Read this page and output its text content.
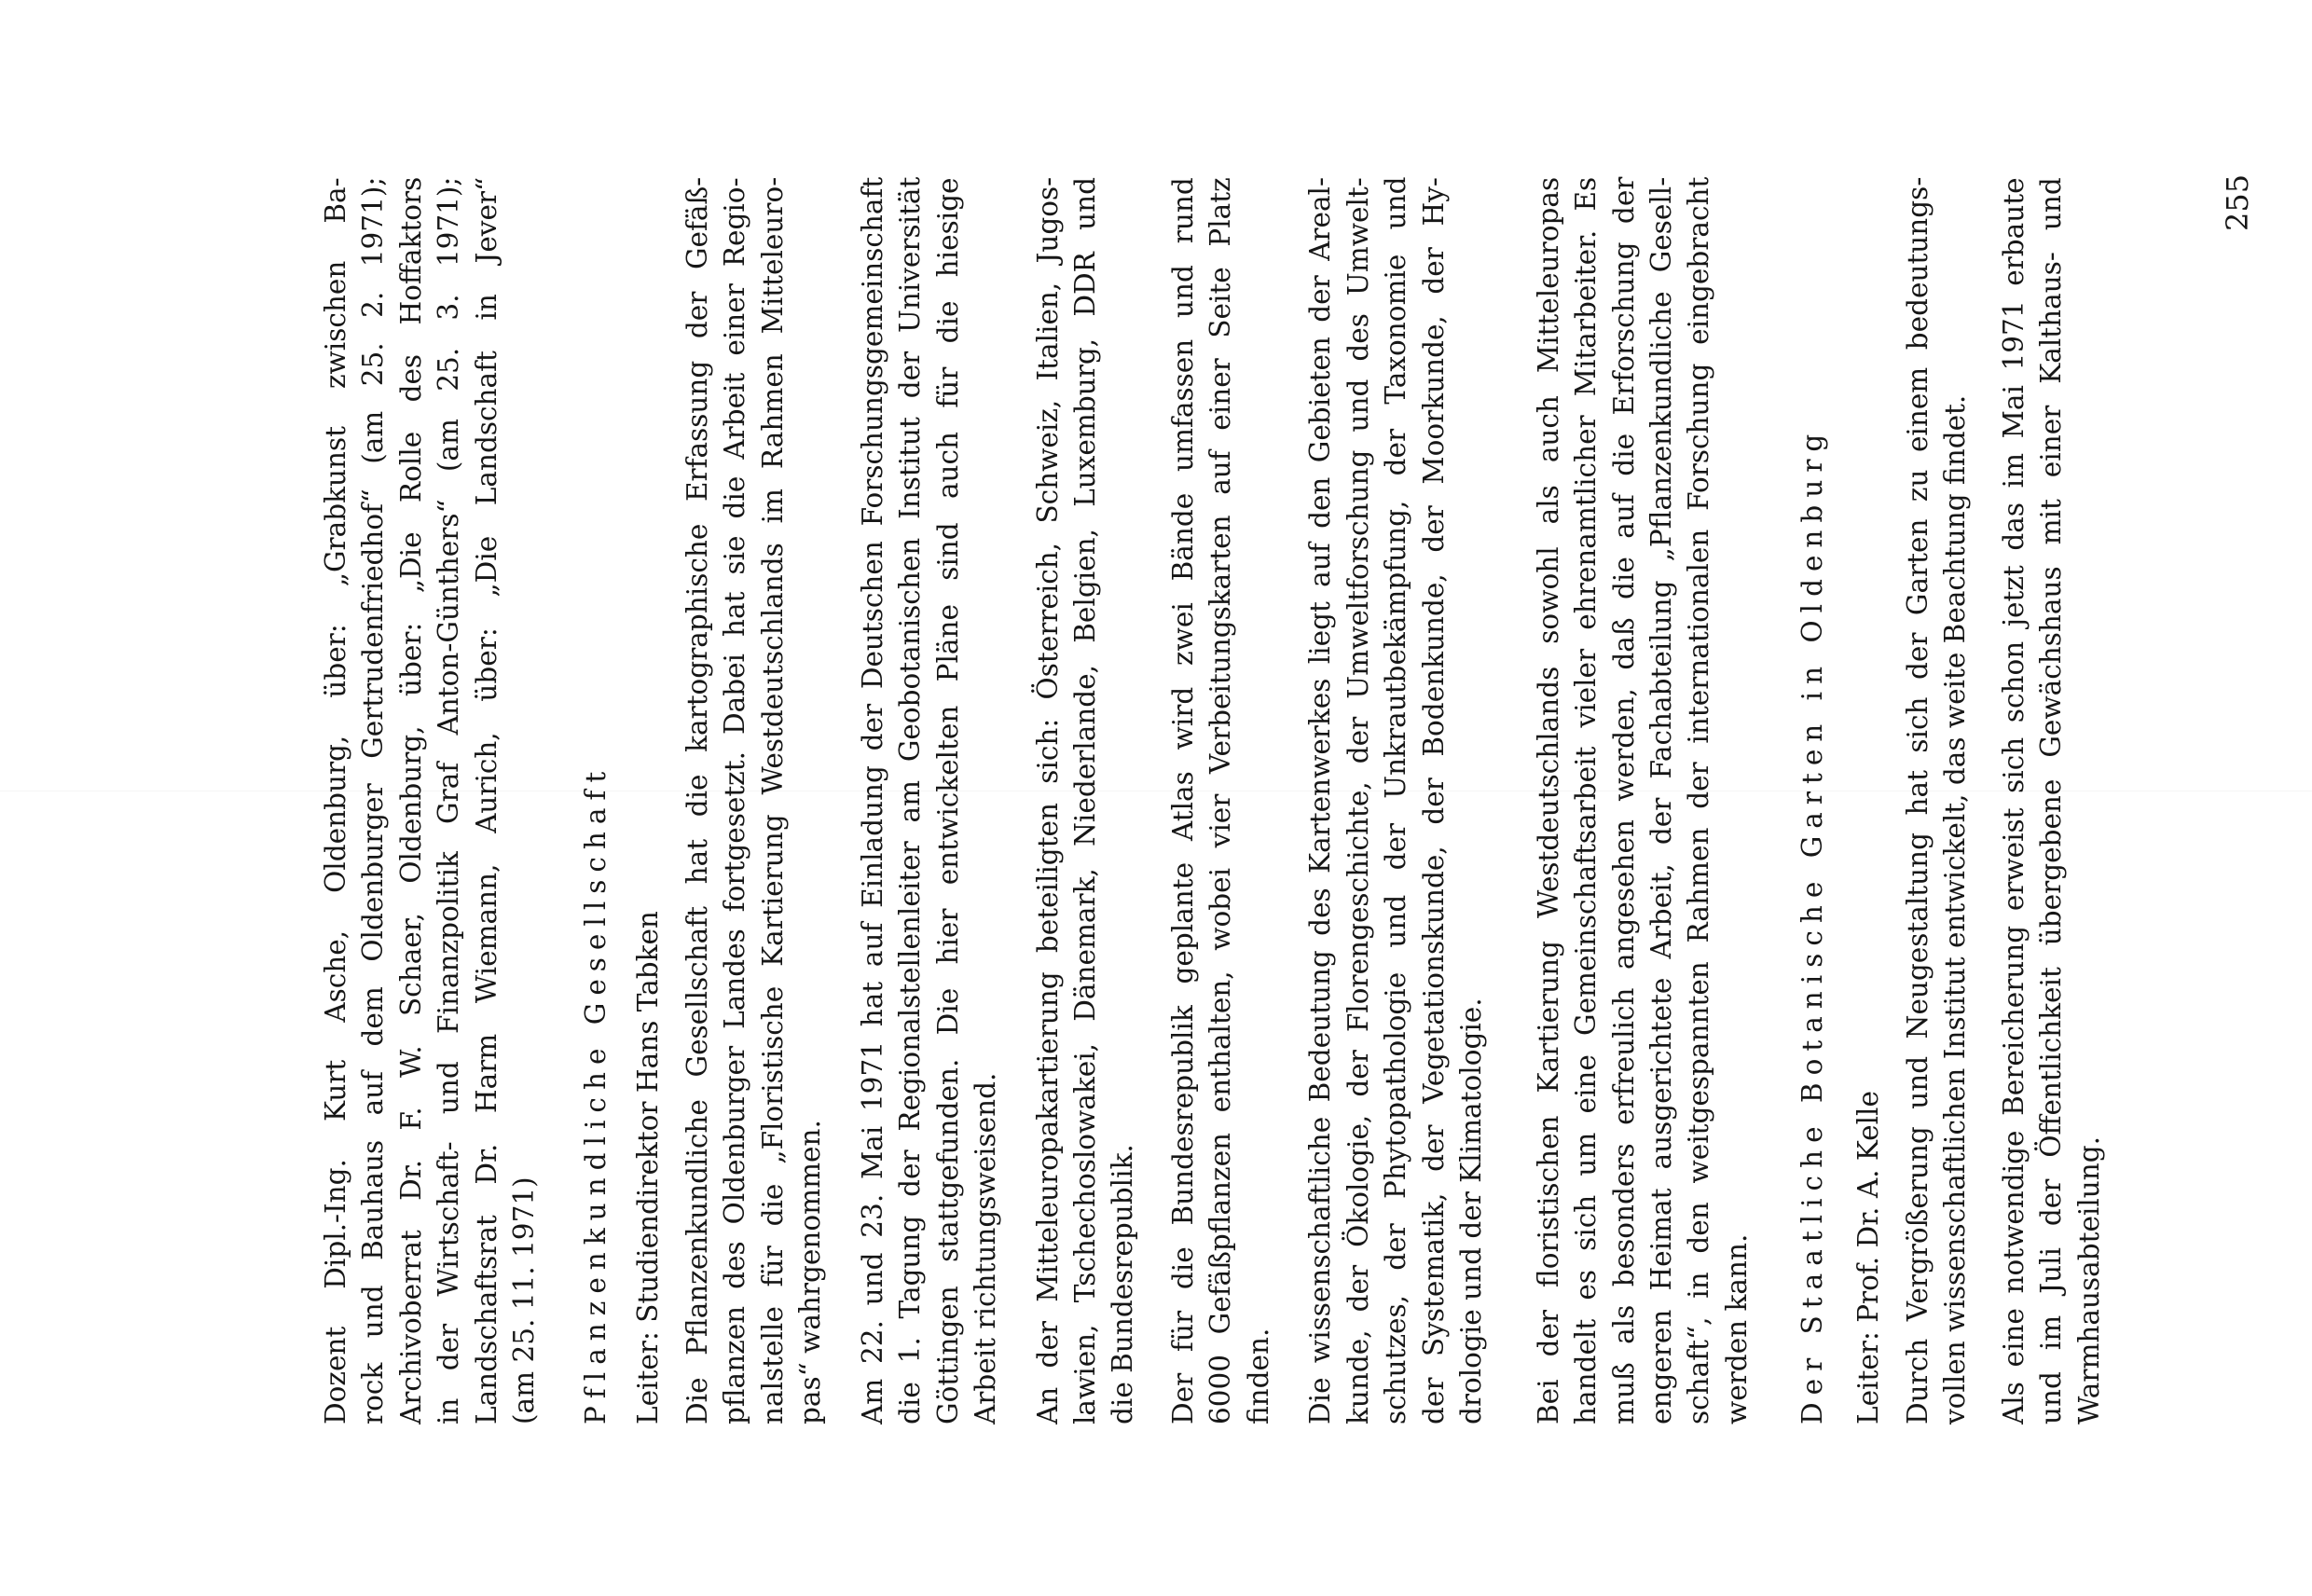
255
Dozent Dipl.-Ing. Kurt Asche, Oldenburg, über: „Grabkunst zwischen Ba- rock und Bauhaus auf dem Oldenburger Gertrudenfriedhof“ (am 25. 2. 1971); Archivoberrat Dr. F. W. Schaer, Oldenburg, über: „Die Rolle des Hoffaktors in der Wirtschaft- und Finanzpolitik Graf Anton-Günthers“ (am 25. 3. 1971); Landschaftsrat Dr. Harm Wiemann, Aurich, über: „Die Landschaft in Jever“ (am 25. 11. 1971) Pflanzenkundliche Gesellschaft Leiter: Studiendirektor Hans Tabken Die Pflanzenkundliche Gesellschaft hat die kartographische Erfassung der Gefäß- pflanzen des Oldenburger Landes fortgesetzt. Dabei hat sie die Arbeit einer Regio- nalstelle für die „Floristische Kartierung Westdeutschlands im Rahmen Mitteleuro- pas“ wahrgenommen. Am 22. und 23. Mai 1971 hat auf Einladung der Deutschen Forschungsgemeinschaft die 1. Tagung der Regionalstellenleiter am Geobotanischen Institut der Universität Göttingen stattgefunden. Die hier entwickelten Pläne sind auch für die hiesige Arbeit richtungsweisend. An der Mitteleuropakartierung beteiligten sich: Österreich, Schweiz, Italien, Jugos- lawien, Tschechoslowakei, Dänemark, Niederlande, Belgien, Luxemburg, DDR und die Bundesrepublik. Der für die Bundesrepublik geplante Atlas wird zwei Bände umfassen und rund 6000 Gefäßpflanzen enthalten, wobei vier Verbeitungskarten auf einer Seite Platz finden. Die wissenschaftliche Bedeutung des Kartenwerkes liegt auf den Gebieten der Areal- kunde, der Ökologie, der Florengeschichte, der Umweltforschung und des Umwelt- schutzes, der Phytopathologie und der Unkrautbekämpfung, der Taxonomie und der Systematik, der Vegetationskunde, der Bodenkunde, der Moorkunde, der Hy- drologie und der Klimatologie. Bei der floristischen Kartierung Westdeutschlands sowohl als auch Mitteleuropas handelt es sich um eine Gemeinschaftsarbeit vieler ehrenamtlicher Mitarbeiter. Es muß als besonders erfreulich angesehen werden, daß die auf die Erforschung der engeren Heimat ausgerichtete Arbeit, der Fachabteilung „Pflanzenkundliche Gesell- schaft“, in den weitgespannten Rahmen der internationalen Forschung eingebracht werden kann. Der Staatliche Botanische Garten in Oldenburg Leiter: Prof. Dr. A. Kelle Durch Vergrößerung und Neugestaltung hat sich der Garten zu einem bedeutungs- vollen wissenschaftlichen Institut entwickelt, das weite Beachtung findet. Als eine notwendige Bereicherung erweist sich schon jetzt das im Mai 1971 erbaute und im Juli der Öffentlichkeit übergebene Gewächshaus mit einer Kalthaus- und Warmhausabteilung.
